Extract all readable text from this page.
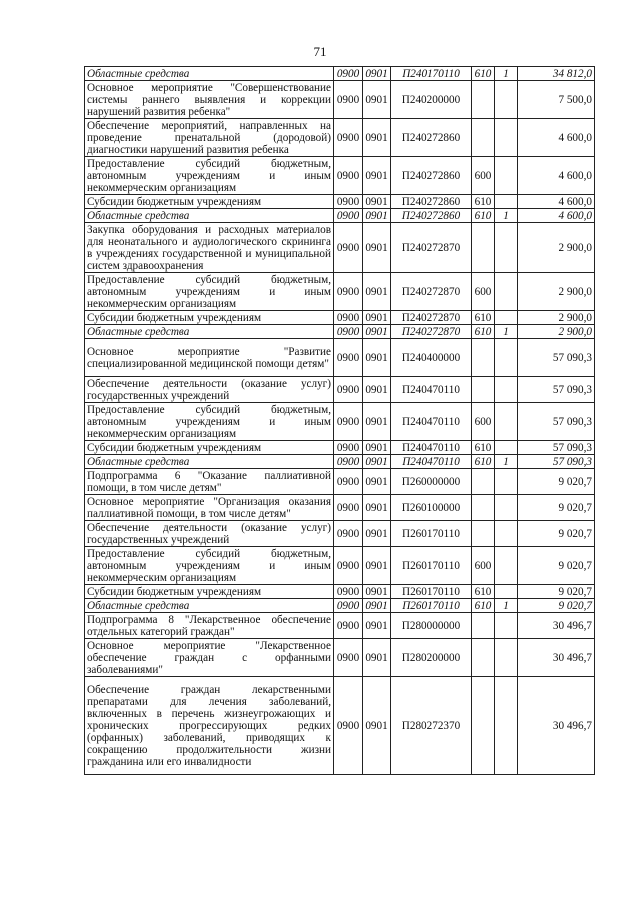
71
Областные средства	0900	0901	П240170110	610	1	34 812,0
Основное мероприятие "Совершенствование системы раннего выявления и коррекции нарушений развития ребенка"	0900	0901	П240200000			7 500,0
Обеспечение мероприятий, направленных на проведение пренатальной (дородовой) диагностики нарушений развития ребенка	0900	0901	П240272860			4 600,0
Предоставление субсидий бюджетным, автономным учреждениям и иным некоммерческим организациям	0900	0901	П240272860	600		4 600,0
Субсидии бюджетным учреждениям	0900	0901	П240272860	610		4 600,0
Областные средства	0900	0901	П240272860	610	1	4 600,0
Закупка оборудования и расходных материалов для неонатального и аудиологического скрининга в учреждениях государственной и муниципальной систем здравоохранения	0900	0901	П240272870			2 900,0
Предоставление субсидий бюджетным, автономным учреждениям и иным некоммерческим организациям	0900	0901	П240272870	600		2 900,0
Субсидии бюджетным учреждениям	0900	0901	П240272870	610		2 900,0
Областные средства	0900	0901	П240272870	610	1	2 900,0
Основное мероприятие "Развитие специализированной медицинской помощи детям"	0900	0901	П240400000			57 090,3
Обеспечение деятельности (оказание услуг) государственных учреждений	0900	0901	П240470110			57 090,3
Предоставление субсидий бюджетным, автономным учреждениям и иным некоммерческим организациям	0900	0901	П240470110	600		57 090,3
Субсидии бюджетным учреждениям	0900	0901	П240470110	610		57 090,3
Областные средства	0900	0901	П240470110	610	1	57 090,3
Подпрограмма 6 "Оказание паллиативной помощи, в том числе детям"	0900	0901	П260000000			9 020,7
Основное мероприятие "Организация оказания паллиативной помощи, в том числе детям"	0900	0901	П260100000			9 020,7
Обеспечение деятельности (оказание услуг) государственных учреждений	0900	0901	П260170110			9 020,7
Предоставление субсидий бюджетным, автономным учреждениям и иным некоммерческим организациям	0900	0901	П260170110	600		9 020,7
Субсидии бюджетным учреждениям	0900	0901	П260170110	610		9 020,7
Областные средства	0900	0901	П260170110	610	1	9 020,7
Подпрограмма 8 "Лекарственное обеспечение отдельных категорий граждан"	0900	0901	П280000000			30 496,7
Основное мероприятие "Лекарственное обеспечение граждан с орфанными заболеваниями"	0900	0901	П280200000			30 496,7
Обеспечение граждан лекарственными препаратами для лечения заболеваний, включенных в перечень жизнеугрожающих и хронических прогрессирующих редких (орфанных) заболеваний, приводящих к сокращению продолжительности жизни гражданина или его инвалидности	0900	0901	П280272370			30 496,7
